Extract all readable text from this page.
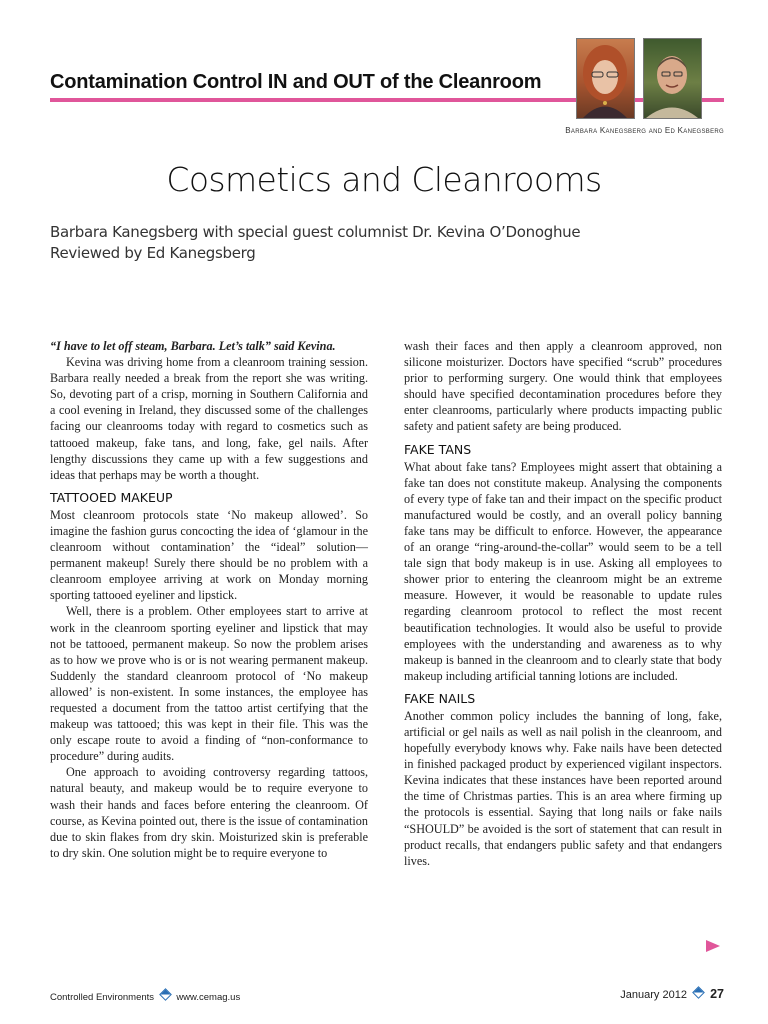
Contamination Control IN and OUT of the Cleanroom
Barbara Kanegsberg and Ed Kanegsberg
Cosmetics and Cleanrooms
Barbara Kanegsberg with special guest columnist Dr. Kevina O’Donoghue
Reviewed by Ed Kanegsberg

“I have to let off steam, Barbara. Let’s talk” said Kevina.

Kevina was driving home from a cleanroom training session. Barbara really needed a break from the report she was writing. So, devoting part of a crisp, morning in Southern California and a cool evening in Ireland, they discussed some of the challenges facing our cleanrooms today with regard to cosmetics such as tattooed makeup, fake tans, and long, fake, gel nails. After lengthy discussions they came up with a few suggestions and ideas that perhaps may be worth a thought.

TATTOOED MAKEUP

Most cleanroom protocols state ‘No makeup allowed’. So imagine the fashion gurus concocting the idea of ‘glamour in the cleanroom without contamination’ the “ideal” solution—permanent makeup! Surely there should be no problem with a cleanroom employee arriving at work on Monday morning sporting tattooed eyeliner and lipstick.

Well, there is a problem. Other employees start to arrive at work in the cleanroom sporting eyeliner and lipstick that may not be tattooed, permanent makeup. So now the problem arises as to how we prove who is or is not wearing permanent makeup. Suddenly the standard cleanroom protocol of ‘No makeup allowed’ is non-existent. In some instances, the employee has requested a document from the tattoo artist certifying that the makeup was tattooed; this was kept in their file. This was the only escape route to avoid a finding of “non-conformance to procedure” during audits.

One approach to avoiding controversy regarding tattoos, natural beauty, and makeup would be to require everyone to wash their hands and faces before entering the cleanroom. Of course, as Kevina pointed out, there is the issue of contamination due to skin flakes from dry skin. Moisturized skin is preferable to dry skin. One solution might be to require everyone to

wash their faces and then apply a cleanroom approved, non silicone moisturizer. Doctors have specified “scrub” procedures prior to performing surgery. One would think that employees should have specified decontamination procedures before they enter cleanrooms, particularly where products impacting public safety and patient safety are being produced.

FAKE TANS

What about fake tans? Employees might assert that obtaining a fake tan does not constitute makeup. Analysing the components of every type of fake tan and their impact on the specific product manufactured would be costly, and an overall policy banning fake tans may be difficult to enforce. However, the appearance of an orange “ring-around-the-collar” would seem to be a tell tale sign that body makeup is in use. Asking all employees to shower prior to entering the cleanroom might be an extreme measure. However, it would be reasonable to update rules regarding cleanroom protocol to reflect the most recent beautification technologies. It would also be useful to provide employees with the understanding and awareness as to why makeup is banned in the cleanroom and to clearly state that body makeup including artificial tanning lotions are included.

FAKE NAILS

Another common policy includes the banning of long, fake, artificial or gel nails as well as nail polish in the cleanroom, and hopefully everybody knows why. Fake nails have been detected in finished packaged product by experienced vigilant inspectors. Kevina indicates that these instances have been reported around the time of Christmas parties. This is an area where firming up the protocols is essential. Saying that long nails or fake nails “SHOULD” be avoided is the sort of statement that can result in product recalls, that endangers public safety and that endangers lives.

Controlled Environments www.cemag.us	January 2012 27
